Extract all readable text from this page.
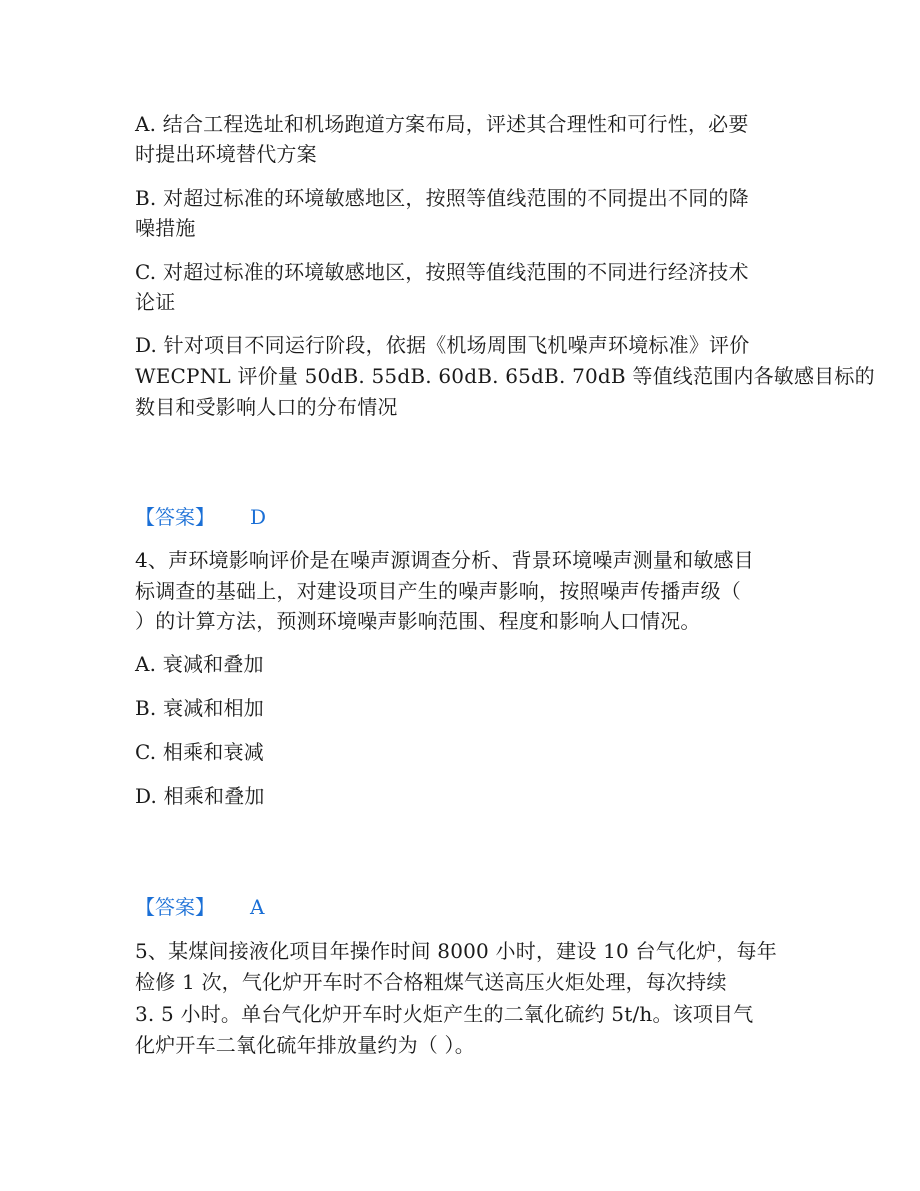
A. 结合工程选址和机场跑道方案布局，评述其合理性和可行性，必要
时提出环境替代方案
B. 对超过标准的环境敏感地区，按照等值线范围的不同提出不同的降
噪措施
C. 对超过标准的环境敏感地区，按照等值线范围的不同进行经济技术
论证
D. 针对项目不同运行阶段，依据《机场周围飞机噪声环境标准》评价
WECPNL 评价量 50dB. 55dB. 60dB. 65dB. 70dB 等值线范围内各敏感目标的
数目和受影响人口的分布情况
【答案】 D
4、声环境影响评价是在噪声源调查分析、背景环境噪声测量和敏感目
标调查的基础上，对建设项目产生的噪声影响，按照噪声传播声级（
）的计算方法，预测环境噪声影响范围、程度和影响人口情况。
A. 衰减和叠加
B. 衰减和相加
C. 相乘和衰减
D. 相乘和叠加
【答案】 A
5、某煤间接液化项目年操作时间 8000 小时，建设 10 台气化炉，每年
检修 1 次，气化炉开车时不合格粗煤气送高压火炬处理，每次持续
3. 5 小时。单台气化炉开车时火炬产生的二氧化硫约 5t/h。该项目气
化炉开车二氧化硫年排放量约为（ ）。
